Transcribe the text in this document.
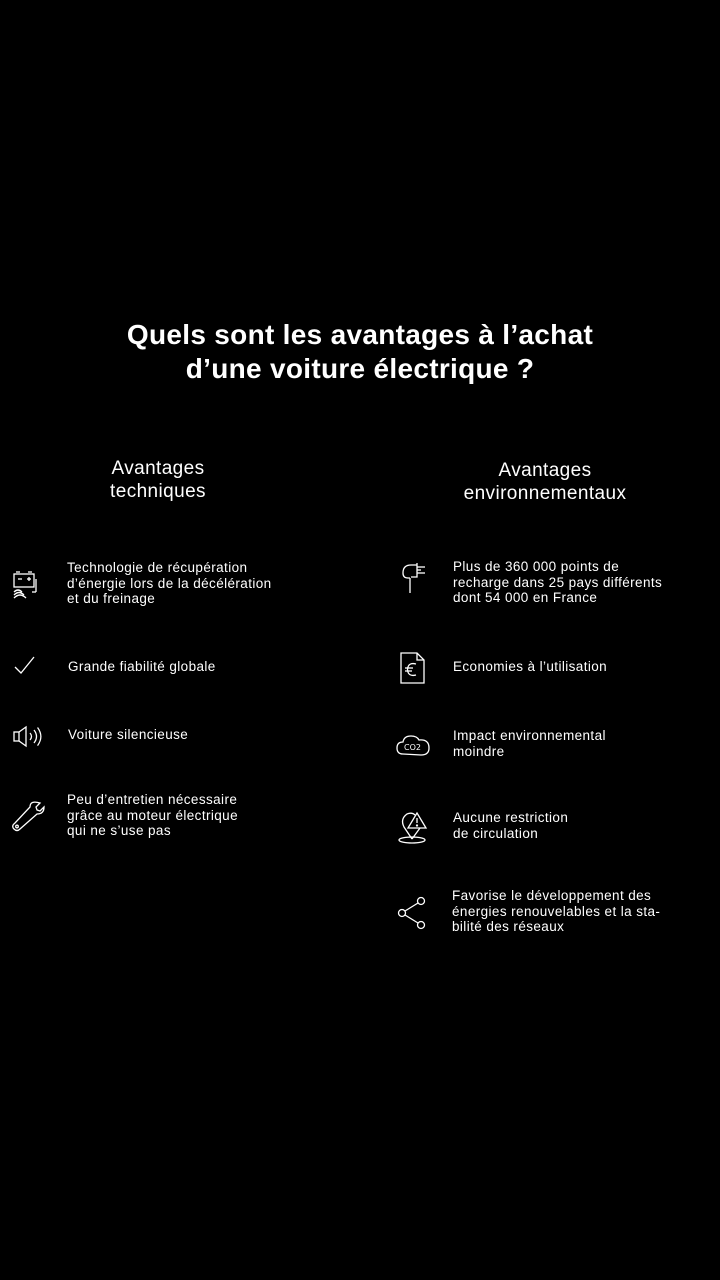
Quels sont les avantages à l’achat
d’une voiture électrique ?
Avantages
techniques
Avantages
environnementaux
Technologie de récupération
d’énergie lors de la décélération
et du freinage
Grande fiabilité globale
Voiture silencieuse
Peu d’entretien nécessaire
grâce au moteur électrique
qui ne s’use pas
Plus de 360 000 points de
recharge dans 25 pays différents
dont 54 000 en France
Economies à l’utilisation
CO2
Impact environnemental
moindre
Aucune restriction
de circulation
Favorise le développement des
énergies renouvelables et la sta-
bilité des réseaux
